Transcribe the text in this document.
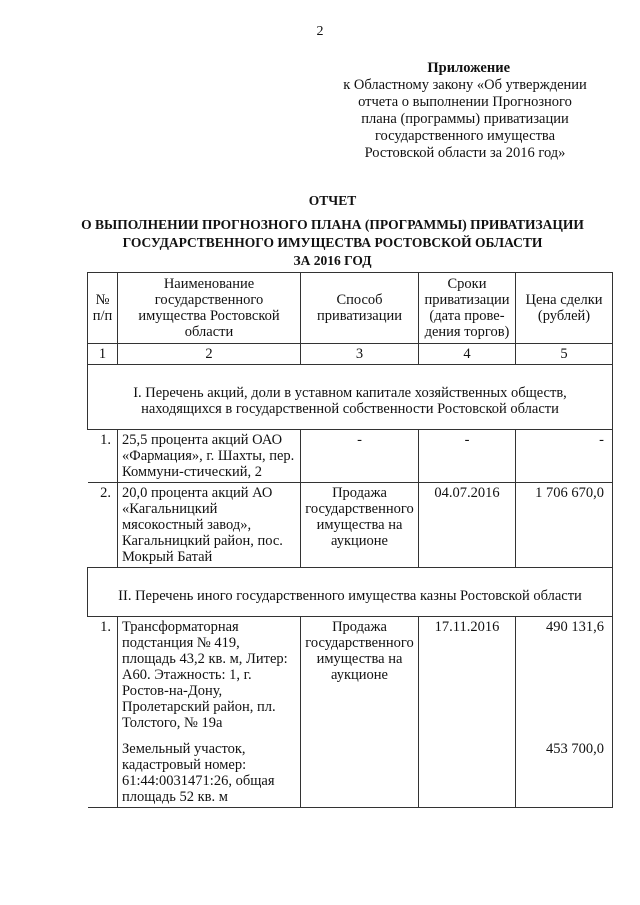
2
Приложение
к Областному закону «Об утверждении
отчета о выполнении Прогнозного
плана (программы) приватизации
государственного имущества
Ростовской области за 2016 год»
ОТЧЕТ
О ВЫПОЛНЕНИИ ПРОГНОЗНОГО ПЛАНА (ПРОГРАММЫ) ПРИВАТИЗАЦИИ
ГОСУДАРСТВЕННОГО ИМУЩЕСТВА РОСТОВСКОЙ ОБЛАСТИ
ЗА 2016 ГОД
№ п/п	Наименование государственного имущества Ростовской области	Способ приватизации	Сроки приватизации (дата прове-дения торгов)	Цена сделки (рублей)
1	2	3	4	5
I. Перечень акций, доли в уставном капитале хозяйственных обществ, находящихся в государственной собственности Ростовской области				
1.	25,5 процента акций ОАО «Фармация», г. Шахты, пер. Коммуни-стический, 2	-	-	-
2.	20,0 процента акций АО «Кагальницкий мясокостный завод», Кагальницкий район, пос. Мокрый Батай	Продажа государственного имущества на аукционе	04.07.2016	1 706 670,0
II. Перечень иного государственного имущества казны Ростовской области				
1.	Трансформаторная подстанция № 419, площадь 43,2 кв. м, Литер: А60. Этажность: 1, г. Ростов-на-Дону, Пролетарский район, пл. Толстого, № 19а	Продажа государственного имущества на аукционе	17.11.2016	490 131,6
	Земельный участок, кадастровый номер: 61:44:0031471:26, общая площадь 52 кв. м			453 700,0
